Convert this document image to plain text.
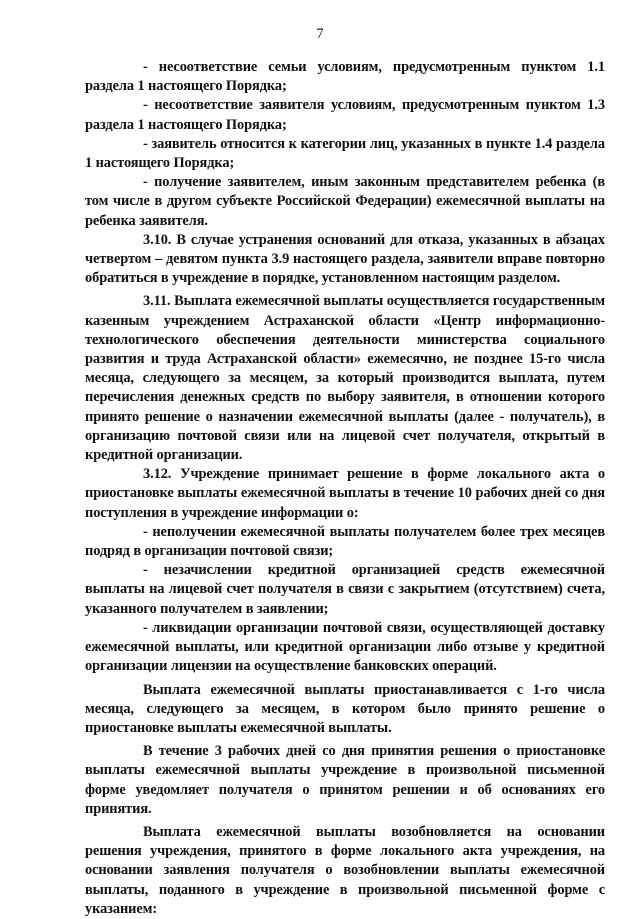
7

- несоответствие семьи условиям, предусмотренным пунктом 1.1 раздела 1 настоящего Порядка;

- несоответствие заявителя условиям, предусмотренным пунктом 1.3 раздела 1 настоящего Порядка;

- заявитель относится к категории лиц, указанных в пункте 1.4 раздела 1 настоящего Порядка;

- получение заявителем, иным законным представителем ребенка (в том числе в другом субъекте Российской Федерации) ежемесячной выплаты на ребенка заявителя.

3.10. В случае устранения оснований для отказа, указанных в абзацах четвертом – девятом пункта 3.9 настоящего раздела, заявители вправе повторно обратиться в учреждение в порядке, установленном настоящим разделом.

3.11. Выплата ежемесячной выплаты осуществляется государственным казенным учреждением Астраханской области «Центр информационно-технологического обеспечения деятельности министерства социального развития и труда Астраханской области» ежемесячно, не позднее 15-го числа месяца, следующего за месяцем, за который производится выплата, путем перечисления денежных средств по выбору заявителя, в отношении которого принято решение о назначении ежемесячной выплаты (далее - получатель), в организацию почтовой связи или на лицевой счет получателя, открытый в кредитной организации.

3.12. Учреждение принимает решение в форме локального акта о приостановке выплаты ежемесячной выплаты в течение 10 рабочих дней со дня поступления в учреждение информации о:

- неполучении ежемесячной выплаты получателем более трех месяцев подряд в организации почтовой связи;

- незачислении кредитной организацией средств ежемесячной выплаты на лицевой счет получателя в связи с закрытием (отсутствием) счета, указанного получателем в заявлении;

- ликвидации организации почтовой связи, осуществляющей доставку ежемесячной выплаты, или кредитной организации либо отзыве у кредитной организации лицензии на осуществление банковских операций.

Выплата ежемесячной выплаты приостанавливается с 1-го числа месяца, следующего за месяцем, в котором было принято решение о приостановке выплаты ежемесячной выплаты.

В течение 3 рабочих дней со дня принятия решения о приостановке выплаты ежемесячной выплаты учреждение в произвольной письменной форме уведомляет получателя о принятом решении и об основаниях его принятия.

Выплата ежемесячной выплаты возобновляется на основании решения учреждения, принятого в форме локального акта учреждения, на основании заявления получателя о возобновлении выплаты ежемесячной выплаты, поданного в учреждение в произвольной письменной форме с указанием:
